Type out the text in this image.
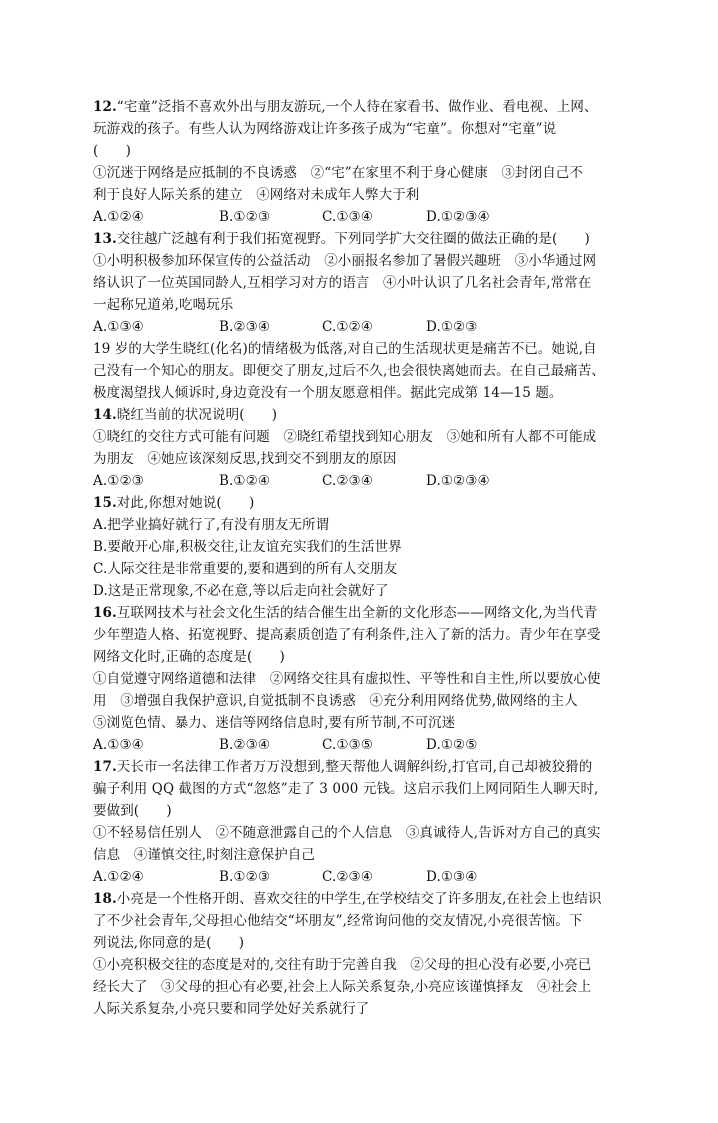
12.“宅童”泛指不喜欢外出与朋友游玩,一个人待在家看书、做作业、看电视、上网、
玩游戏的孩子。有些人认为网络游戏让许多孩子成为“宅童”。你想对“宅童”说
(　　)
①沉迷于网络是应抵制的不良诱惑　②“宅”在家里不利于身心健康　③封闭自己不
利于良好人际关系的建立　④网络对未成年人弊大于利
A.①②④	B.①②③	C.①③④	D.①②③④
13.交往越广泛越有利于我们拓宽视野。下列同学扩大交往圈的做法正确的是(　　)
①小明积极参加环保宣传的公益活动　②小丽报名参加了暑假兴趣班　③小华通过网
络认识了一位英国同龄人,互相学习对方的语言　④小叶认识了几名社会青年,常常在
一起称兄道弟,吃喝玩乐
A.①③④	B.②③④	C.①②④	D.①②③
19 岁的大学生晓红(化名)的情绪极为低落,对自己的生活现状更是痛苦不已。她说,自
己没有一个知心的朋友。即便交了朋友,过后不久,也会很快离她而去。在自己最痛苦、
极度渴望找人倾诉时,身边竟没有一个朋友愿意相伴。据此完成第 14—15 题。
14.晓红当前的状况说明(　　)
①晓红的交往方式可能有问题　②晓红希望找到知心朋友　③她和所有人都不可能成
为朋友　④她应该深刻反思,找到交不到朋友的原因
A.①②③	B.①②④	C.②③④	D.①②③④
15.对此,你想对她说(　　)
A.把学业搞好就行了,有没有朋友无所谓
B.要敞开心扉,积极交往,让友谊充实我们的生活世界
C.人际交往是非常重要的,要和遇到的所有人交朋友
D.这是正常现象,不必在意,等以后走向社会就好了
16.互联网技术与社会文化生活的结合催生出全新的文化形态——网络文化,为当代青
少年塑造人格、拓宽视野、提高素质创造了有利条件,注入了新的活力。青少年在享受
网络文化时,正确的态度是(　　)
①自觉遵守网络道德和法律　②网络交往具有虚拟性、平等性和自主性,所以要放心使
用　③增强自我保护意识,自觉抵制不良诱惑　④充分利用网络优势,做网络的主人
⑤浏览色情、暴力、迷信等网络信息时,要有所节制,不可沉迷
A.①③④	B.②③④	C.①③⑤	D.①②⑤
17.天长市一名法律工作者万万没想到,整天帮他人调解纠纷,打官司,自己却被狡猾的
骗子利用 QQ 截图的方式“忽悠”走了 3 000 元钱。这启示我们上网同陌生人聊天时,
要做到(　　)
①不轻易信任别人　②不随意泄露自己的个人信息　③真诚待人,告诉对方自己的真实
信息　④谨慎交往,时刻注意保护自己
A.①②④	B.①②③	C.②③④	D.①③④
18.小亮是一个性格开朗、喜欢交往的中学生,在学校结交了许多朋友,在社会上也结识
了不少社会青年,父母担心他结交“坏朋友”,经常询问他的交友情况,小亮很苦恼。下
列说法,你同意的是(　　)
①小亮积极交往的态度是对的,交往有助于完善自我　②父母的担心没有必要,小亮已
经长大了　③父母的担心有必要,社会上人际关系复杂,小亮应该谨慎择友　④社会上
人际关系复杂,小亮只要和同学处好关系就行了
